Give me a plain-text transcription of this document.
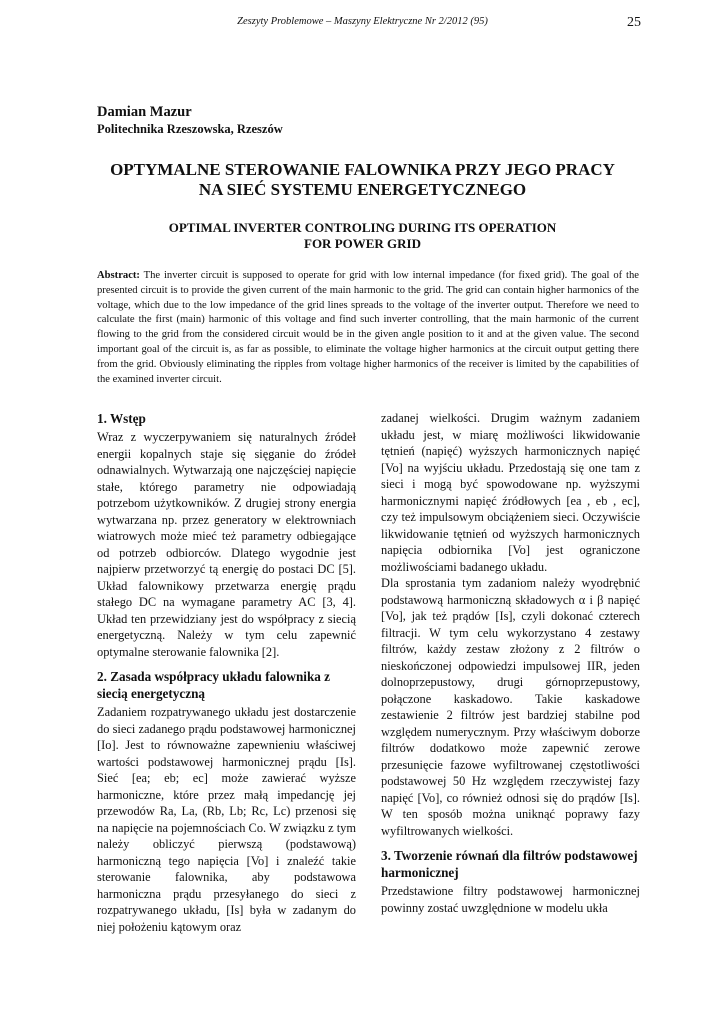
Zeszyty Problemowe – Maszyny Elektryczne Nr 2/2012 (95)	25
Damian Mazur
Politechnika Rzeszowska, Rzeszów
OPTYMALNE STEROWANIE FALOWNIKA PRZY JEGO PRACY
NA SIEĆ SYSTEMU ENERGETYCZNEGO
OPTIMAL INVERTER CONTROLING DURING ITS OPERATION
FOR POWER GRID

Abstract: The inverter circuit is supposed to operate for grid with low internal impedance (for fixed grid). The goal of the presented circuit is to provide the given current of the main harmonic to the grid. The grid can contain higher harmonics of the voltage, which due to the low impedance of the grid lines spreads to the voltage of the inverter output. Therefore we need to calculate the first (main) harmonic of this voltage and find such inverter controlling, that the main harmonic of the current flowing to the grid from the considered circuit would be in the given angle position to it and at the given value. The second important goal of the circuit is, as far as possible, to eliminate the voltage higher harmonics at the circuit output getting there from the grid. Obviously eliminating the ripples from voltage higher harmonics of the receiver is limited by the capabilities of the examined inverter circuit.

1. Wstęp

Wraz z wyczerpywaniem się naturalnych źródeł energii kopalnych staje się sięganie do źródeł odnawialnych. Wytwarzają one najczęściej napięcie stałe, którego parametry nie odpowiadają potrzebom użytkowników. Z drugiej strony energia wytwarzana np. przez generatory w elektrowniach wiatrowych może mieć też parametry odbiegające od potrzeb odbiorców. Dlatego wygodnie jest najpierw przetworzyć tą energię do postaci DC [5]. Układ falownikowy przetwarza energię prądu stałego DC na wymagane parametry AC [3, 4]. Układ ten przewidziany jest do współpracy z siecią energetyczną. Należy w tym celu zapewnić optymalne sterowanie falownika [2].

2. Zasada współpracy układu falownika z siecią energetyczną

Zadaniem rozpatrywanego układu jest dostarczenie do sieci zadanego prądu podstawowej harmonicznej [Io]. Jest to równoważne zapewnieniu właściwej wartości podstawowej harmonicznej prądu [Is]. Sieć [ea; eb; ec] może zawierać wyższe harmoniczne, które przez małą impedancję jej przewodów Ra, La, (Rb, Lb; Rc, Lc) przenosi się na napięcie na pojemnościach Co. W związku z tym należy obliczyć pierwszą (podstawową) harmoniczną tego napięcia [Vo] i znaleźć takie sterowanie falownika, aby podstawowa harmoniczna prądu przesyłanego do sieci z rozpatrywanego układu, [Is] była w zadanym do niej położeniu kątowym oraz

zadanej wielkości. Drugim ważnym zadaniem układu jest, w miarę możliwości likwidowanie tętnień (napięć) wyższych harmonicznych napięć [Vo] na wyjściu układu. Przedostają się one tam z sieci i mogą być spowodowane np. wyższymi harmonicznymi napięć źródłowych [ea , eb , ec], czy też impulsowym obciążeniem sieci. Oczywiście likwidowanie tętnień od wyższych harmonicznych napięcia odbiornika [Vo] jest ograniczone możliwościami badanego układu.

Dla sprostania tym zadaniom należy wyodrębnić podstawową harmoniczną składowych α i β napięć [Vo], jak też prądów [Is], czyli dokonać czterech filtracji. W tym celu wykorzystano 4 zestawy filtrów, każdy zestaw złożony z 2 filtrów o nieskończonej odpowiedzi impulsowej IIR, jeden dolnoprzepustowy, drugi górnoprzepustowy, połączone kaskadowo. Takie kaskadowe zestawienie 2 filtrów jest bardziej stabilne pod względem numerycznym. Przy właściwym doborze filtrów dodatkowo może zapewnić zerowe przesunięcie fazowe wyfiltrowanej częstotliwości podstawowej 50 Hz względem rzeczywistej fazy napięć [Vo], co również odnosi się do prądów [Is]. W ten sposób można uniknąć poprawy fazy wyfiltrowanych wielkości.

3. Tworzenie równań dla filtrów podstawowej harmonicznej

Przedstawione filtry podstawowej harmonicznej powinny zostać uwzględnione w modelu ukła
